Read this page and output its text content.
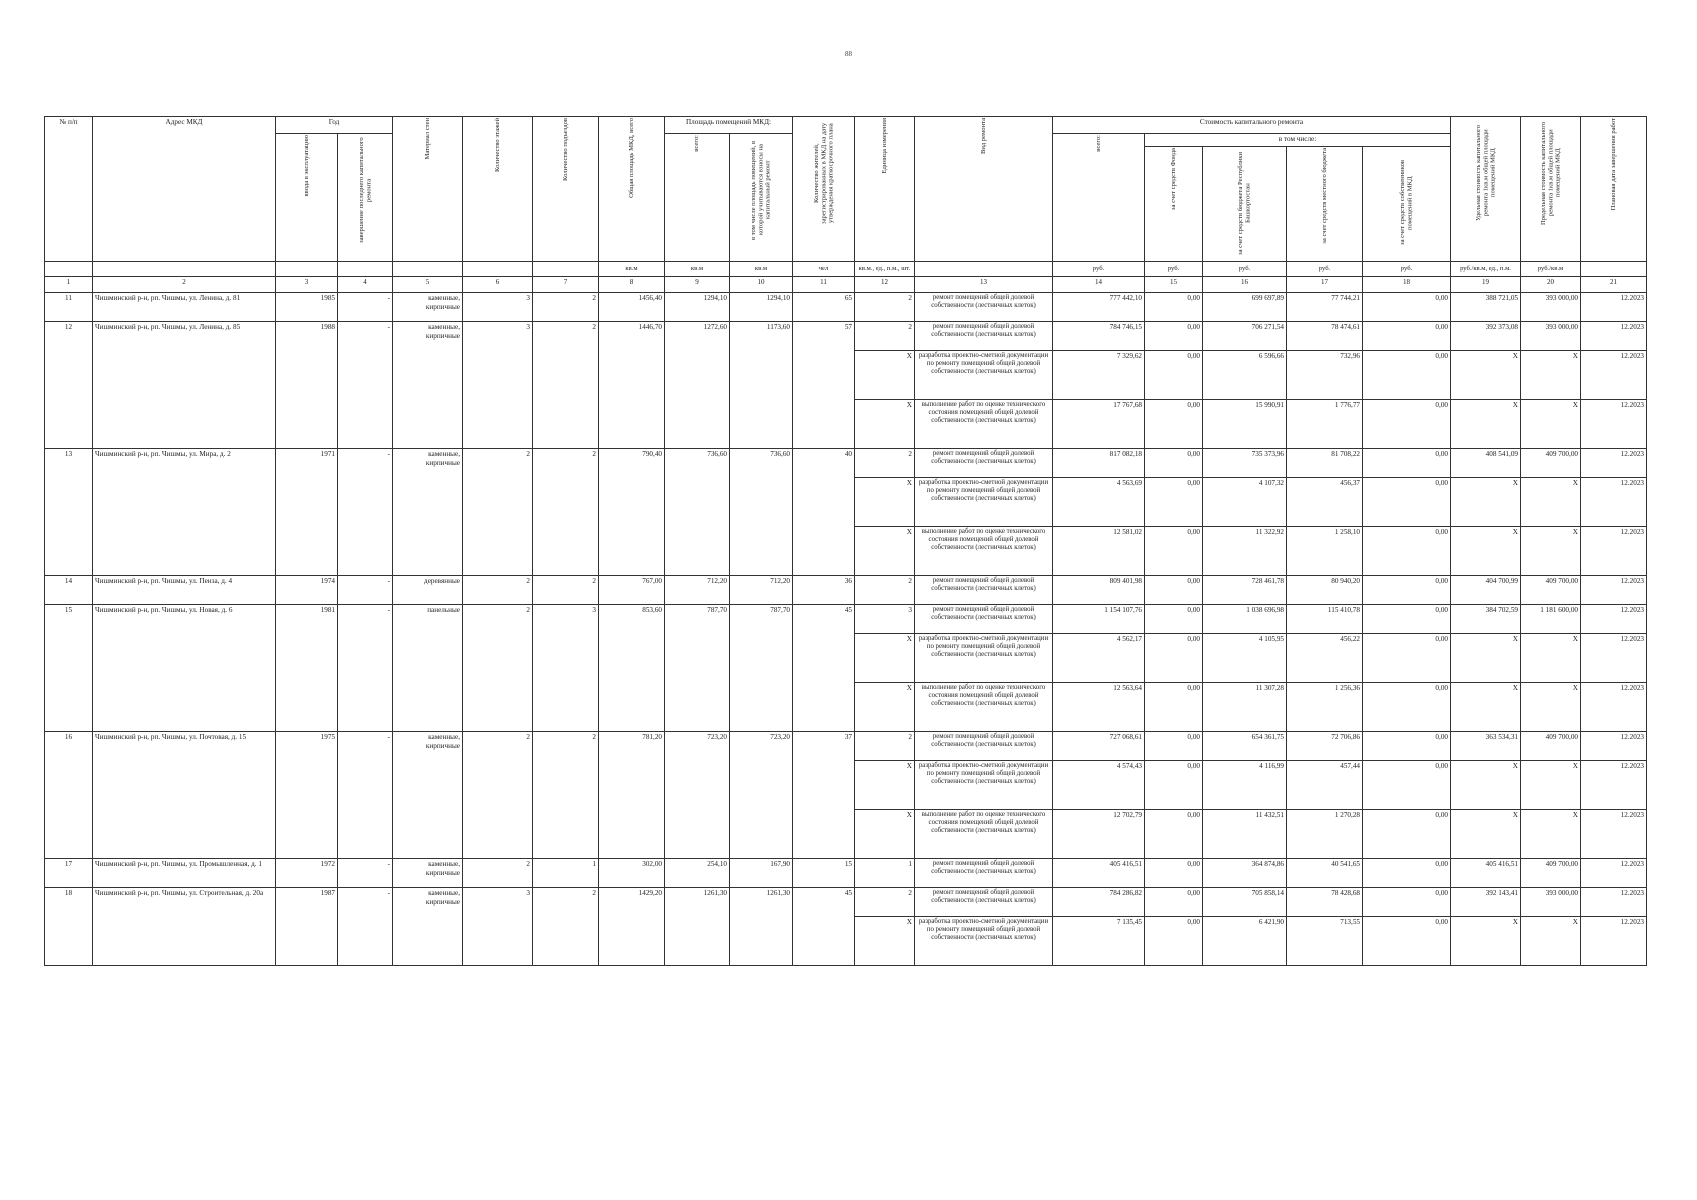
88
№ п/п	Адрес МКД	Год		Материал стен	Количество этажей	Количество подъездов	Общая площадь МКД, всего	Площадь помещений МКД:		Количество жителей, зарегистрированных в МКД на дату утверждения краткосрочного плана	Единица измерения	Вид ремонта	Стоимость капитального ремонта					Удельная стоимость капитального ремонта 1кв.м общей площади помещений МКД	Предельная стоимость капитального ремонта 1кв.м общей площади помещений МКД	Плановая дата завершения работ
		ввода в эксплуатацию	завершение последнего капитального ремонта					всего:	в том числе площадь помещений, в которой учитываются взносы на капитальный ремонт				всего:	в том числе:						
														за счет средств Фонда	за счет средств бюджета Республики Башкортостан	за счет средств местного бюджета	за счет средств собственников помещений в МКД			
							кв.м	кв.м	кв.м	чел	кв.м., ед., п.м., шт.		руб.	руб.	руб.	руб.	руб.	руб./кв.м, ед., п.м.	руб./кв.м	
1	2	3	4	5	6	7	8	9	10	11	12	13	14	15	16	17	18	19	20	21
11	Чишминский р-н, рп. Чишмы, ул. Ленина, д. 81	1985	-	каменные, кирпичные	3	2	1456,40	1294,10	1294,10	65	2	ремонт помещений общей долевой собственности (лестничных клеток)	777 442,10	0,00	699 697,89	77 744,21	0,00	388 721,05	393 000,00	12.2023
12	Чишминский р-н, рп. Чишмы, ул. Ленина, д. 85	1988	-	каменные, кирпичные	3	2	1446,70	1272,60	1173,60	57	2	ремонт помещений общей долевой собственности (лестничных клеток)	784 746,15	0,00	706 271,54	78 474,61	0,00	392 373,08	393 000,00	12.2023
											X	разработка проектно-сметной документации по ремонту помещений общей долевой собственности (лестничных клеток)	7 329,62	0,00	6 596,66	732,96	0,00	X	X	12.2023
											X	выполнение работ по оценке технического состояния помещений общей долевой собственности (лестничных клеток)	17 767,68	0,00	15 990,91	1 776,77	0,00	X	X	12.2023
13	Чишминский р-н, рп. Чишмы, ул. Мира, д. 2	1971	-	каменные, кирпичные	2	2	790,40	736,60	736,60	40	2	ремонт помещений общей долевой собственности (лестничных клеток)	817 082,18	0,00	735 373,96	81 708,22	0,00	408 541,09	409 700,00	12.2023
											X	разработка проектно-сметной документации по ремонту помещений общей долевой собственности (лестничных клеток)	4 563,69	0,00	4 107,32	456,37	0,00	X	X	12.2023
											X	выполнение работ по оценке технического состояния помещений общей долевой собственности (лестничных клеток)	12 581,02	0,00	11 322,92	1 258,10	0,00	X	X	12.2023
14	Чишминский р-н, рп. Чишмы, ул. Пенза, д. 4	1974	-	деревянные	2	2	767,00	712,20	712,20	36	2	ремонт помещений общей долевой собственности (лестничных клеток)	809 401,98	0,00	728 461,78	80 940,20	0,00	404 700,99	409 700,00	12.2023
15	Чишминский р-н, рп. Чишмы, ул. Новая, д. 6	1981	-	панельные	2	3	853,60	787,70	787,70	45	3	ремонт помещений общей долевой собственности (лестничных клеток)	1 154 107,76	0,00	1 038 696,98	115 410,78	0,00	384 702,59	1 181 600,00	12.2023
											X	разработка проектно-сметной документации по ремонту помещений общей долевой собственности (лестничных клеток)	4 562,17	0,00	4 105,95	456,22	0,00	X	X	12.2023
											X	выполнение работ по оценке технического состояния помещений общей долевой собственности (лестничных клеток)	12 563,64	0,00	11 307,28	1 256,36	0,00	X	X	12.2023
16	Чишминский р-н, рп. Чишмы, ул. Почтовая, д. 15	1975	-	каменные, кирпичные	2	2	781,20	723,20	723,20	37	2	ремонт помещений общей долевой собственности (лестничных клеток)	727 068,61	0,00	654 361,75	72 706,86	0,00	363 534,31	409 700,00	12.2023
											X	разработка проектно-сметной документации по ремонту помещений общей долевой собственности (лестничных клеток)	4 574,43	0,00	4 116,99	457,44	0,00	X	X	12.2023
											X	выполнение работ по оценке технического состояния помещений общей долевой собственности (лестничных клеток)	12 702,79	0,00	11 432,51	1 270,28	0,00	X	X	12.2023
17	Чишминский р-н, рп. Чишмы, ул. Промышленная, д. 1	1972	-	каменные, кирпичные	2	1	302,00	254,10	167,90	15	1	ремонт помещений общей долевой собственности (лестничных клеток)	405 416,51	0,00	364 874,86	40 541,65	0,00	405 416,51	409 700,00	12.2023
18	Чишминский р-н, рп. Чишмы, ул. Строительная, д. 20а	1987	-	каменные, кирпичные	3	2	1429,20	1261,30	1261,30	45	2	ремонт помещений общей долевой собственности (лестничных клеток)	784 286,82	0,00	705 858,14	78 428,68	0,00	392 143,41	393 000,00	12.2023
											X	разработка проектно-сметной документации по ремонту помещений общей долевой собственности (лестничных клеток)	7 135,45	0,00	6 421,90	713,55	0,00	X	X	12.2023
